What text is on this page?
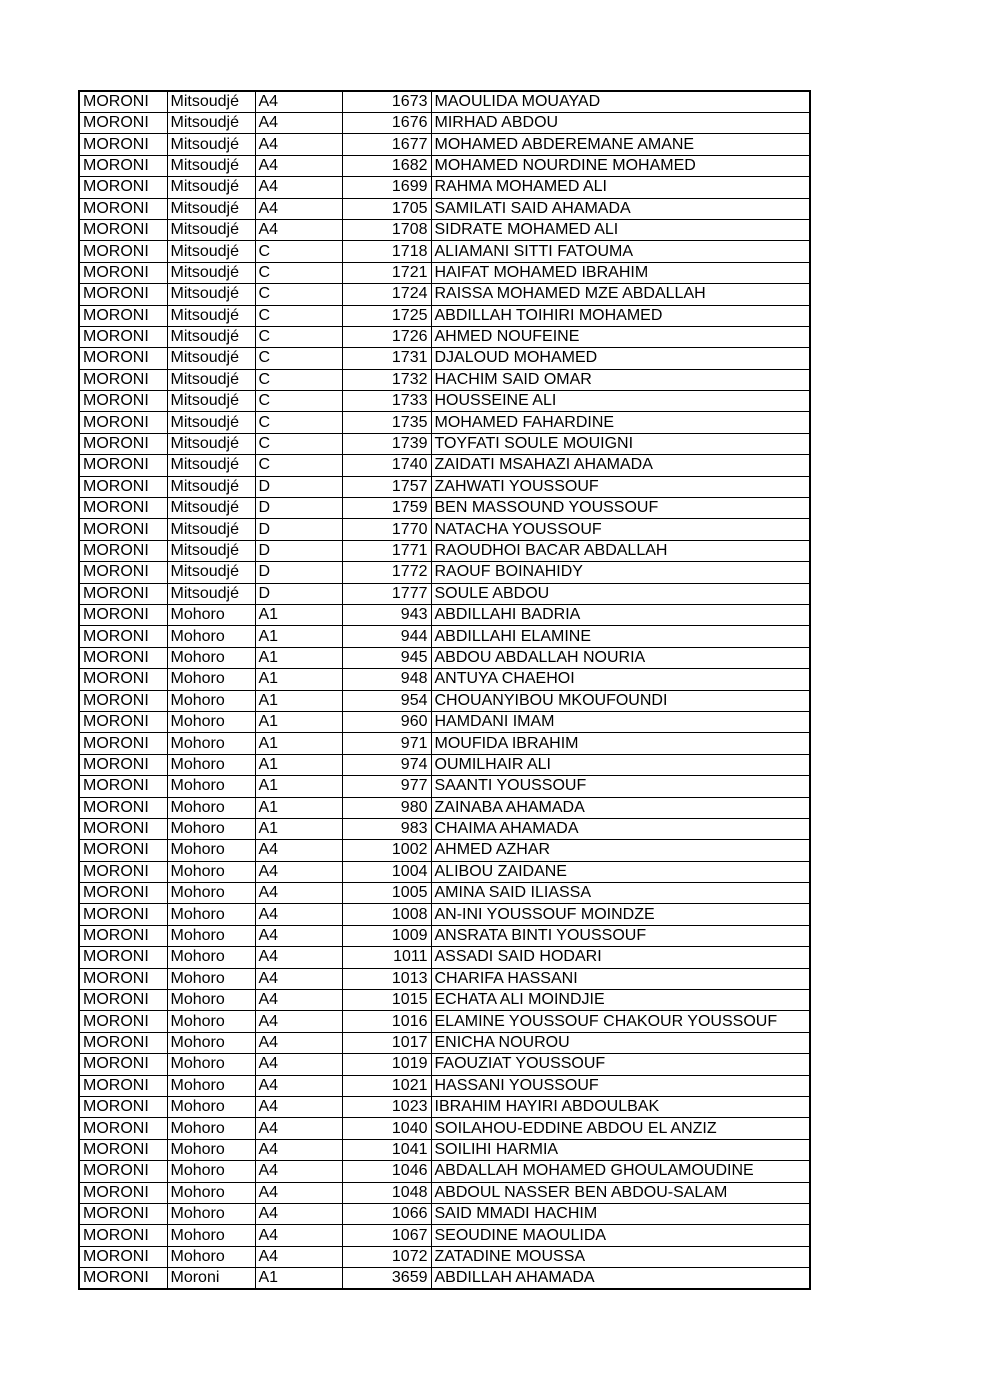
MORONI	Mitsoudjé	A4	1673	MAOULIDA MOUAYAD
MORONI	Mitsoudjé	A4	1676	MIRHAD ABDOU
MORONI	Mitsoudjé	A4	1677	MOHAMED ABDEREMANE AMANE
MORONI	Mitsoudjé	A4	1682	MOHAMED NOURDINE MOHAMED
MORONI	Mitsoudjé	A4	1699	RAHMA MOHAMED ALI
MORONI	Mitsoudjé	A4	1705	SAMILATI SAID AHAMADA
MORONI	Mitsoudjé	A4	1708	SIDRATE MOHAMED ALI
MORONI	Mitsoudjé	C	1718	ALIAMANI SITTI FATOUMA
MORONI	Mitsoudjé	C	1721	HAIFAT MOHAMED IBRAHIM
MORONI	Mitsoudjé	C	1724	RAISSA MOHAMED MZE ABDALLAH
MORONI	Mitsoudjé	C	1725	ABDILLAH TOIHIRI MOHAMED
MORONI	Mitsoudjé	C	1726	AHMED NOUFEINE
MORONI	Mitsoudjé	C	1731	DJALOUD MOHAMED
MORONI	Mitsoudjé	C	1732	HACHIM SAID OMAR
MORONI	Mitsoudjé	C	1733	HOUSSEINE ALI
MORONI	Mitsoudjé	C	1735	MOHAMED FAHARDINE
MORONI	Mitsoudjé	C	1739	TOYFATI SOULE MOUIGNI
MORONI	Mitsoudjé	C	1740	ZAIDATI MSAHAZI AHAMADA
MORONI	Mitsoudjé	D	1757	ZAHWATI YOUSSOUF
MORONI	Mitsoudjé	D	1759	BEN MASSOUND YOUSSOUF
MORONI	Mitsoudjé	D	1770	NATACHA YOUSSOUF
MORONI	Mitsoudjé	D	1771	RAOUDHOI BACAR ABDALLAH
MORONI	Mitsoudjé	D	1772	RAOUF BOINAHIDY
MORONI	Mitsoudjé	D	1777	SOULE ABDOU
MORONI	Mohoro	A1	943	ABDILLAHI BADRIA
MORONI	Mohoro	A1	944	ABDILLAHI ELAMINE
MORONI	Mohoro	A1	945	ABDOU ABDALLAH NOURIA
MORONI	Mohoro	A1	948	ANTUYA CHAEHOI
MORONI	Mohoro	A1	954	CHOUANYIBOU MKOUFOUNDI
MORONI	Mohoro	A1	960	HAMDANI IMAM
MORONI	Mohoro	A1	971	MOUFIDA IBRAHIM
MORONI	Mohoro	A1	974	OUMILHAIR ALI
MORONI	Mohoro	A1	977	SAANTI YOUSSOUF
MORONI	Mohoro	A1	980	ZAINABA AHAMADA
MORONI	Mohoro	A1	983	CHAIMA AHAMADA
MORONI	Mohoro	A4	1002	AHMED AZHAR
MORONI	Mohoro	A4	1004	ALIBOU ZAIDANE
MORONI	Mohoro	A4	1005	AMINA SAID ILIASSA
MORONI	Mohoro	A4	1008	AN-INI YOUSSOUF MOINDZE
MORONI	Mohoro	A4	1009	ANSRATA BINTI YOUSSOUF
MORONI	Mohoro	A4	1011	ASSADI SAID HODARI
MORONI	Mohoro	A4	1013	CHARIFA HASSANI
MORONI	Mohoro	A4	1015	ECHATA ALI MOINDJIE
MORONI	Mohoro	A4	1016	ELAMINE YOUSSOUF CHAKOUR YOUSSOUF
MORONI	Mohoro	A4	1017	ENICHA NOUROU
MORONI	Mohoro	A4	1019	FAOUZIAT YOUSSOUF
MORONI	Mohoro	A4	1021	HASSANI YOUSSOUF
MORONI	Mohoro	A4	1023	IBRAHIM HAYIRI ABDOULBAK
MORONI	Mohoro	A4	1040	SOILAHOU-EDDINE ABDOU EL ANZIZ
MORONI	Mohoro	A4	1041	SOILIHI HARMIA
MORONI	Mohoro	A4	1046	ABDALLAH MOHAMED GHOULAMOUDINE
MORONI	Mohoro	A4	1048	ABDOUL NASSER BEN ABDOU-SALAM
MORONI	Mohoro	A4	1066	SAID MMADI HACHIM
MORONI	Mohoro	A4	1067	SEOUDINE MAOULIDA
MORONI	Mohoro	A4	1072	ZATADINE MOUSSA
MORONI	Moroni	A1	3659	ABDILLAH AHAMADA
